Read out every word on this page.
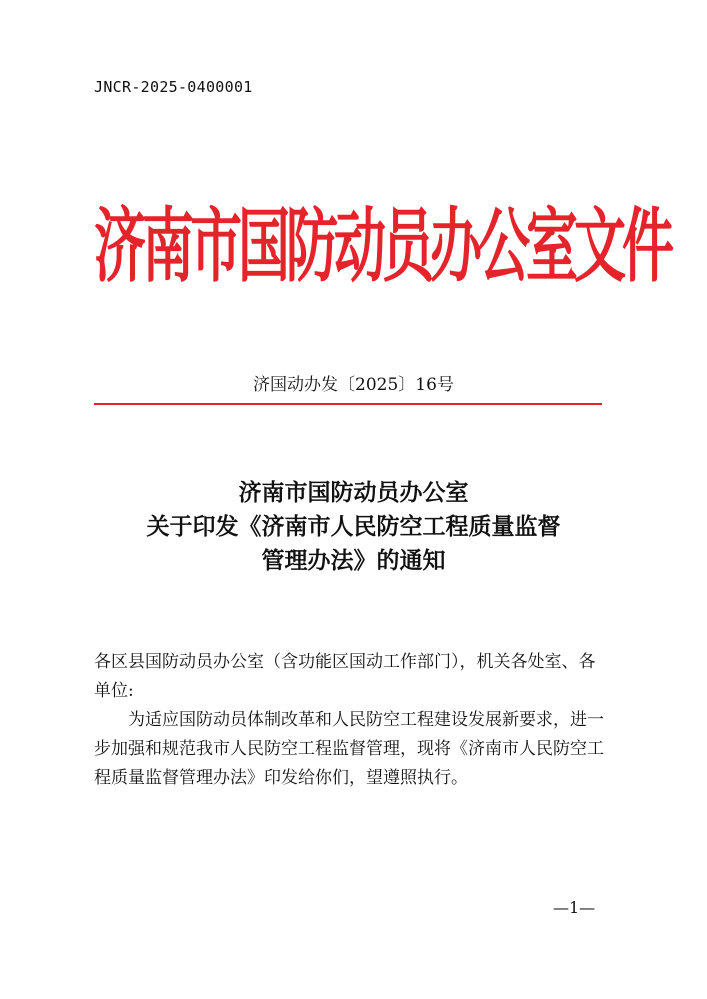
JNCR-2025-0400001
济南市国防动员办公室文件
济国动办发〔2025〕16号
济南市国防动员办公室
关于印发《济南市人民防空工程质量监督
管理办法》的通知

各区县国防动员办公室（含功能区国动工作部门），机关各处室、各单位:

为适应国防动员体制改革和人民防空工程建设发展新要求，进一步加强和规范我市人民防空工程监督管理，现将《济南市人民防空工程质量监督管理办法》印发给你们，望遵照执行。

—1—
